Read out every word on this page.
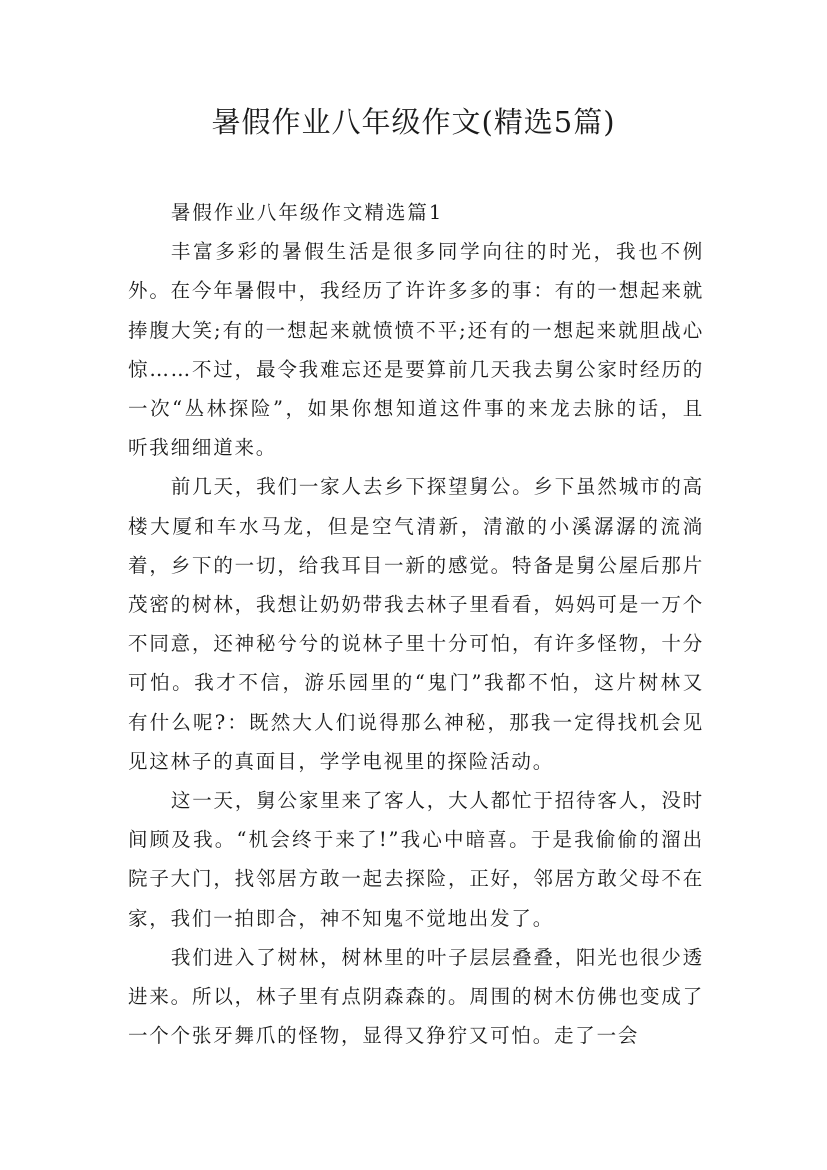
暑假作业八年级作文(精选5篇)

暑假作业八年级作文精选篇1

丰富多彩的暑假生活是很多同学向往的时光，我也不例外。在今年暑假中，我经历了许许多多的事：有的一想起来就捧腹大笑;有的一想起来就愤愤不平;还有的一想起来就胆战心惊……不过，最令我难忘还是要算前几天我去舅公家时经历的一次“丛林探险”，如果你想知道这件事的来龙去脉的话，且听我细细道来。

前几天，我们一家人去乡下探望舅公。乡下虽然城市的高楼大厦和车水马龙，但是空气清新，清澈的小溪潺潺的流淌着，乡下的一切，给我耳目一新的感觉。特备是舅公屋后那片茂密的树林，我想让奶奶带我去林子里看看，妈妈可是一万个不同意，还神秘兮兮的说林子里十分可怕，有许多怪物，十分可怕。我才不信，游乐园里的“鬼门”我都不怕，这片树林又有什么呢?：既然大人们说得那么神秘，那我一定得找机会见见这林子的真面目，学学电视里的探险活动。

这一天，舅公家里来了客人，大人都忙于招待客人，没时间顾及我。“机会终于来了!”我心中暗喜。于是我偷偷的溜出院子大门，找邻居方敢一起去探险，正好，邻居方敢父母不在家，我们一拍即合，神不知鬼不觉地出发了。

我们进入了树林，树林里的叶子层层叠叠，阳光也很少透进来。所以，林子里有点阴森森的。周围的树木仿佛也变成了一个个张牙舞爪的怪物，显得又狰狞又可怕。走了一会
